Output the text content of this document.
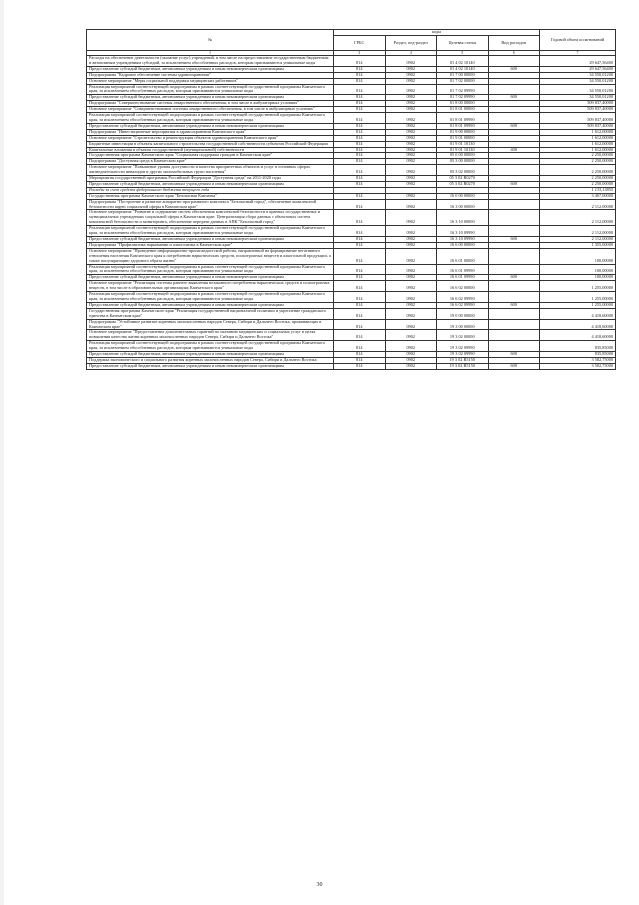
№	коды				Годовой объем ассигнований
	ГРБС	Раздел, под-раздел	Целевая статья	Вид расходов	
1	3	4	5	6	7
Расходы на обеспечение деятельности (оказание услуг) учреждений, в том числе на предоставление государственным бюджетным и автономным учреждениям субсидий, за исключением обособленных расходов, которым присваиваются уникальные коды	814	0902	01 4 02 10140		29 647,56400
Предоставление субсидий бюджетным, автономным учреждениям и иным некоммерческим организациям	814	0902	01 4 02 10140	600	29 647,56400
Подпрограмма "Кадровое обеспечение системы здравоохранения"	814	0902	01 7 00 00000		34 550,01200
Основное мероприятие "Меры социальной поддержки медицинских работников"	814	0902	01 7 02 00000		34 550,01200
Реализация мероприятий соответствующей подпрограммы в рамках соответствующей государственной программы Камчатского края, за исключением обособленных расходов, которым присваиваются уникальные коды	814	0902	01 7 02 09990		34 550,01200
Предоставление субсидий бюджетным, автономным учреждениям и иным некоммерческим организациям	814	0902	01 7 02 09990	600	34 550,01200
Подпрограмма "Совершенствование системы лекарственного обеспечения, в том числе в амбулаторных условиях"	814	0902	01 8 00 00000		509 837,40000
Основное мероприятие "Совершенствование системы лекарственного обеспечения, в том числе в амбулаторных условиях"	814	0902	01 8 01 00000		509 837,40000
Реализация мероприятий соответствующей подпрограммы в рамках соответствующей государственной программы Камчатского края, за исключением обособленных расходов, которым присваиваются уникальные коды	814	0902	01 8 01 09990		509 837,40000
Предоставление субсидий бюджетным, автономным учреждениям и иным некоммерческим организациям	814	0902	01 8 01 09990	600	509 837,40000
Подпрограмма "Инвестиционные мероприятия в здравоохранении Камчатского края"	814	0902	01 9 00 00000		1 612,00000
Основное мероприятие "Строительство и реконструкция объектов здравоохранения Камчатского края"	814	0902	01 9 01 00000		1 612,00000
Бюджетные инвестиции в объекты капитального строительства государственной собственности субъектов Российской Федерации	814	0902	01 9 01 10130		1 612,00000
Капитальные вложения в объекты государственной (муниципальной) собственности	814	0902	01 9 01 10130	400	1 612,00000
Государственная программа Камчатского края "Социальная поддержка граждан в Камчатском крае"	814	0902	05 0 00 00000		2 250,00000
Подпрограмма "Доступная среда в Камчатском крае"	814	0902	05 3 00 00000		2 250,00000
Основное мероприятие "Повышение уровня доступности и качества приоритетных объектов и услуг в основных сферах жизнедеятельности инвалидов и других маломобильных групп населения"	814	0902	05 3 02 00000		2 250,00000
Мероприятия государственной программы Российской Федерации "Доступная среда" на 2011-2020 годы	814	0902	05 3 02 R0270		2 250,00000
Предоставление субсидий бюджетным, автономным учреждениям и иным некоммерческим организациям	814	0902	05 3 02 R0270	600	2 250,00000
Расходы за счет средств федерального бюджета текущего года					1 133,13855
Государственная программа Камчатского края "Безопасная Камчатка"	814	0902	16 0 00 00000		3 467,00000
Подпрограмма "Построение и развитие аппаратно-программного комплекса "Безопасный город", обеспечение комплексной безопасности urgent социальной сферы в Камчатском крае"	814	0902	16 3 00 00000		2 112,00000
Основное мероприятие "Развитие и содержание систем обеспечения комплексной безопасности в краевых государственных и муниципальных учреждениях социальной сферы в Камчатском крае. Централизация сбора данных с объектовых систем комплексной безопасности и мониторинга, обеспечение передачи данных в АПК "Безопасный город"	814	0902	16 3 10 00000		2 112,00000
Реализация мероприятий соответствующей подпрограммы в рамках соответствующей государственной программы Камчатского края, за исключением обособленных расходов, которым присваиваются уникальные коды	814	0902	16 3 10 09990		2 112,00000
Предоставление субсидий бюджетным, автономным учреждениям и иным некоммерческим организациям	814	0902	16 3 10 09990	600	2 112,00000
Подпрограмма "Профилактика наркомании и алкоголизма в Камчатском крае"	814	0902	16 6 00 00000		1 355,00000
Основное мероприятие "Проведение информационно-пропагандистской работы, направленной на формирование негативного отношения населения Камчатского края к потреблению наркотических средств, психотропных веществ и алкогольной продукции, а также популяризацию здорового образа жизни"	814	0902	16 6 01 00000		100,00000
Реализация мероприятий соответствующей подпрограммы в рамках соответствующей государственной программы Камчатского края, за исключением обособленных расходов, которым присваиваются уникальные коды	814	0902	16 6 01 09990		100,00000
Предоставление субсидий бюджетным, автономным учреждениям и иным некоммерческим организациям	814	0902	16 6 01 09990	600	100,00000
Основное мероприятие "Реализация системы раннего выявления незаконного потребления наркотических средств и психотропных веществ, в том числе в образовательных организациях Камчатского края"	814	0902	16 6 02 00000		1 255,00000
Реализация мероприятий соответствующей подпрограммы в рамках соответствующей государственной программы Камчатского края, за исключением обособленных расходов, которым присваиваются уникальные коды	814	0902	16 6 02 09990		1 255,00000
Предоставление субсидий бюджетным, автономным учреждениям и иным некоммерческим организациям	814	0902	16 6 02 09990	600	1 255,00000
Государственная программа Камчатского края "Реализация государственной национальной политики и укрепление гражданского единства в Камчатском крае"	814	0902	19 0 00 00000		4 418,60000
Подпрограмма "Устойчивое развитие коренных малочисленных народов Севера, Сибири и Дальнего Востока, проживающих в Камчатском крае"	814	0902	19 3 00 00000		4 418,60000
Основное мероприятие "Предоставление дополнительных гарантий по оказанию медицинских и социальных услуг в целях повышения качества жизни коренных малочисленных народов Севера, Сибири и Дальнего Востока"	814	0902	19 3 02 00000		4 418,60000
Реализация мероприятий соответствующей подпрограммы в рамках соответствующей государственной программы Камчатского края, за исключением обособленных расходов, которым присваиваются уникальные коды	814	0902	19 3 02 09990		835,85000
Предоставление субсидий бюджетным, автономным учреждениям и иным некоммерческим организациям	814	0902	19 3 02 09990	600	835,85000
Поддержка экономического и социального развития коренных малочисленных народов Севера, Сибири и Дальнего Востока	814	0902	19 3 02 R5150		3 582,75000
Предоставление субсидий бюджетным, автономным учреждениям и иным некоммерческим организациям	814	0902	19 3 02 R5150	600	3 582,75000
30
